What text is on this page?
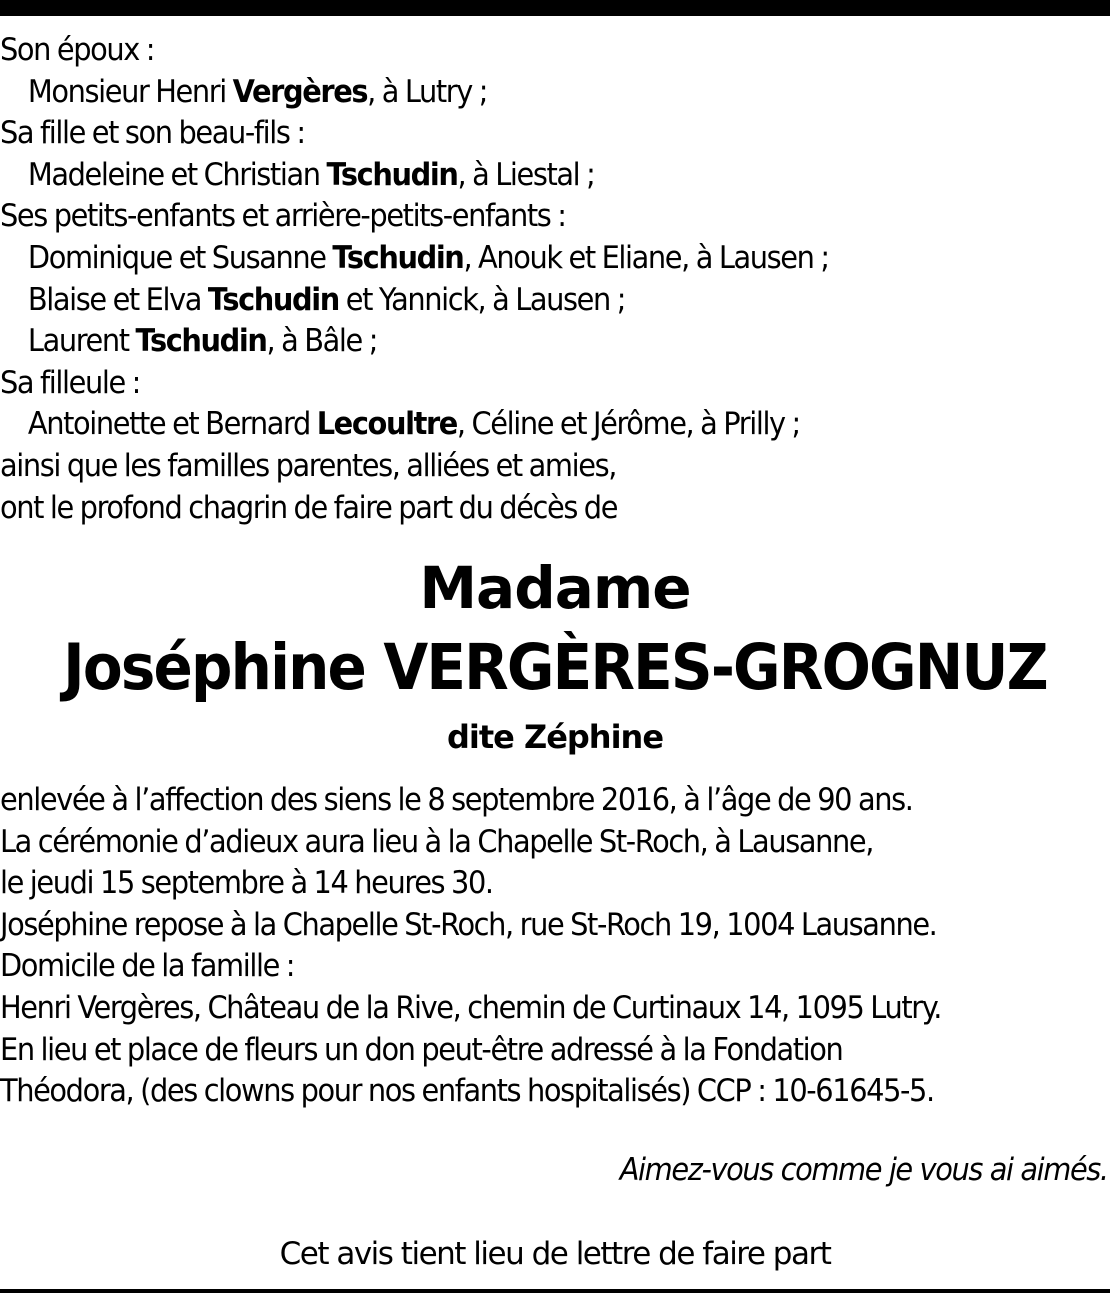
Son époux :
Monsieur Henri Vergères, à Lutry ;
Sa fille et son beau-fils :
Madeleine et Christian Tschudin, à Liestal ;
Ses petits-enfants et arrière-petits-enfants :
Dominique et Susanne Tschudin, Anouk et Eliane, à Lausen ;
Blaise et Elva Tschudin et Yannick, à Lausen ;
Laurent Tschudin, à Bâle ;
Sa filleule :
Antoinette et Bernard Lecoultre, Céline et Jérôme, à Prilly ;
ainsi que les familles parentes, alliées et amies,
ont le profond chagrin de faire part du décès de
Madame
Joséphine VERGÈRES-GROGNUZ
dite Zéphine
enlevée à l’affection des siens le 8 septembre 2016, à l’âge de 90 ans.
La cérémonie d’adieux aura lieu à la Chapelle St-Roch, à Lausanne,
le jeudi 15 septembre à 14 heures 30.
Joséphine repose à la Chapelle St-Roch, rue St-Roch 19, 1004 Lausanne.
Domicile de la famille :
Henri Vergères, Château de la Rive, chemin de Curtinaux 14, 1095 Lutry.
En lieu et place de fleurs un don peut-être adressé à la Fondation
Théodora, (des clowns pour nos enfants hospitalisés) CCP : 10-61645-5.
Aimez-vous comme je vous ai aimés.
Cet avis tient lieu de lettre de faire part
